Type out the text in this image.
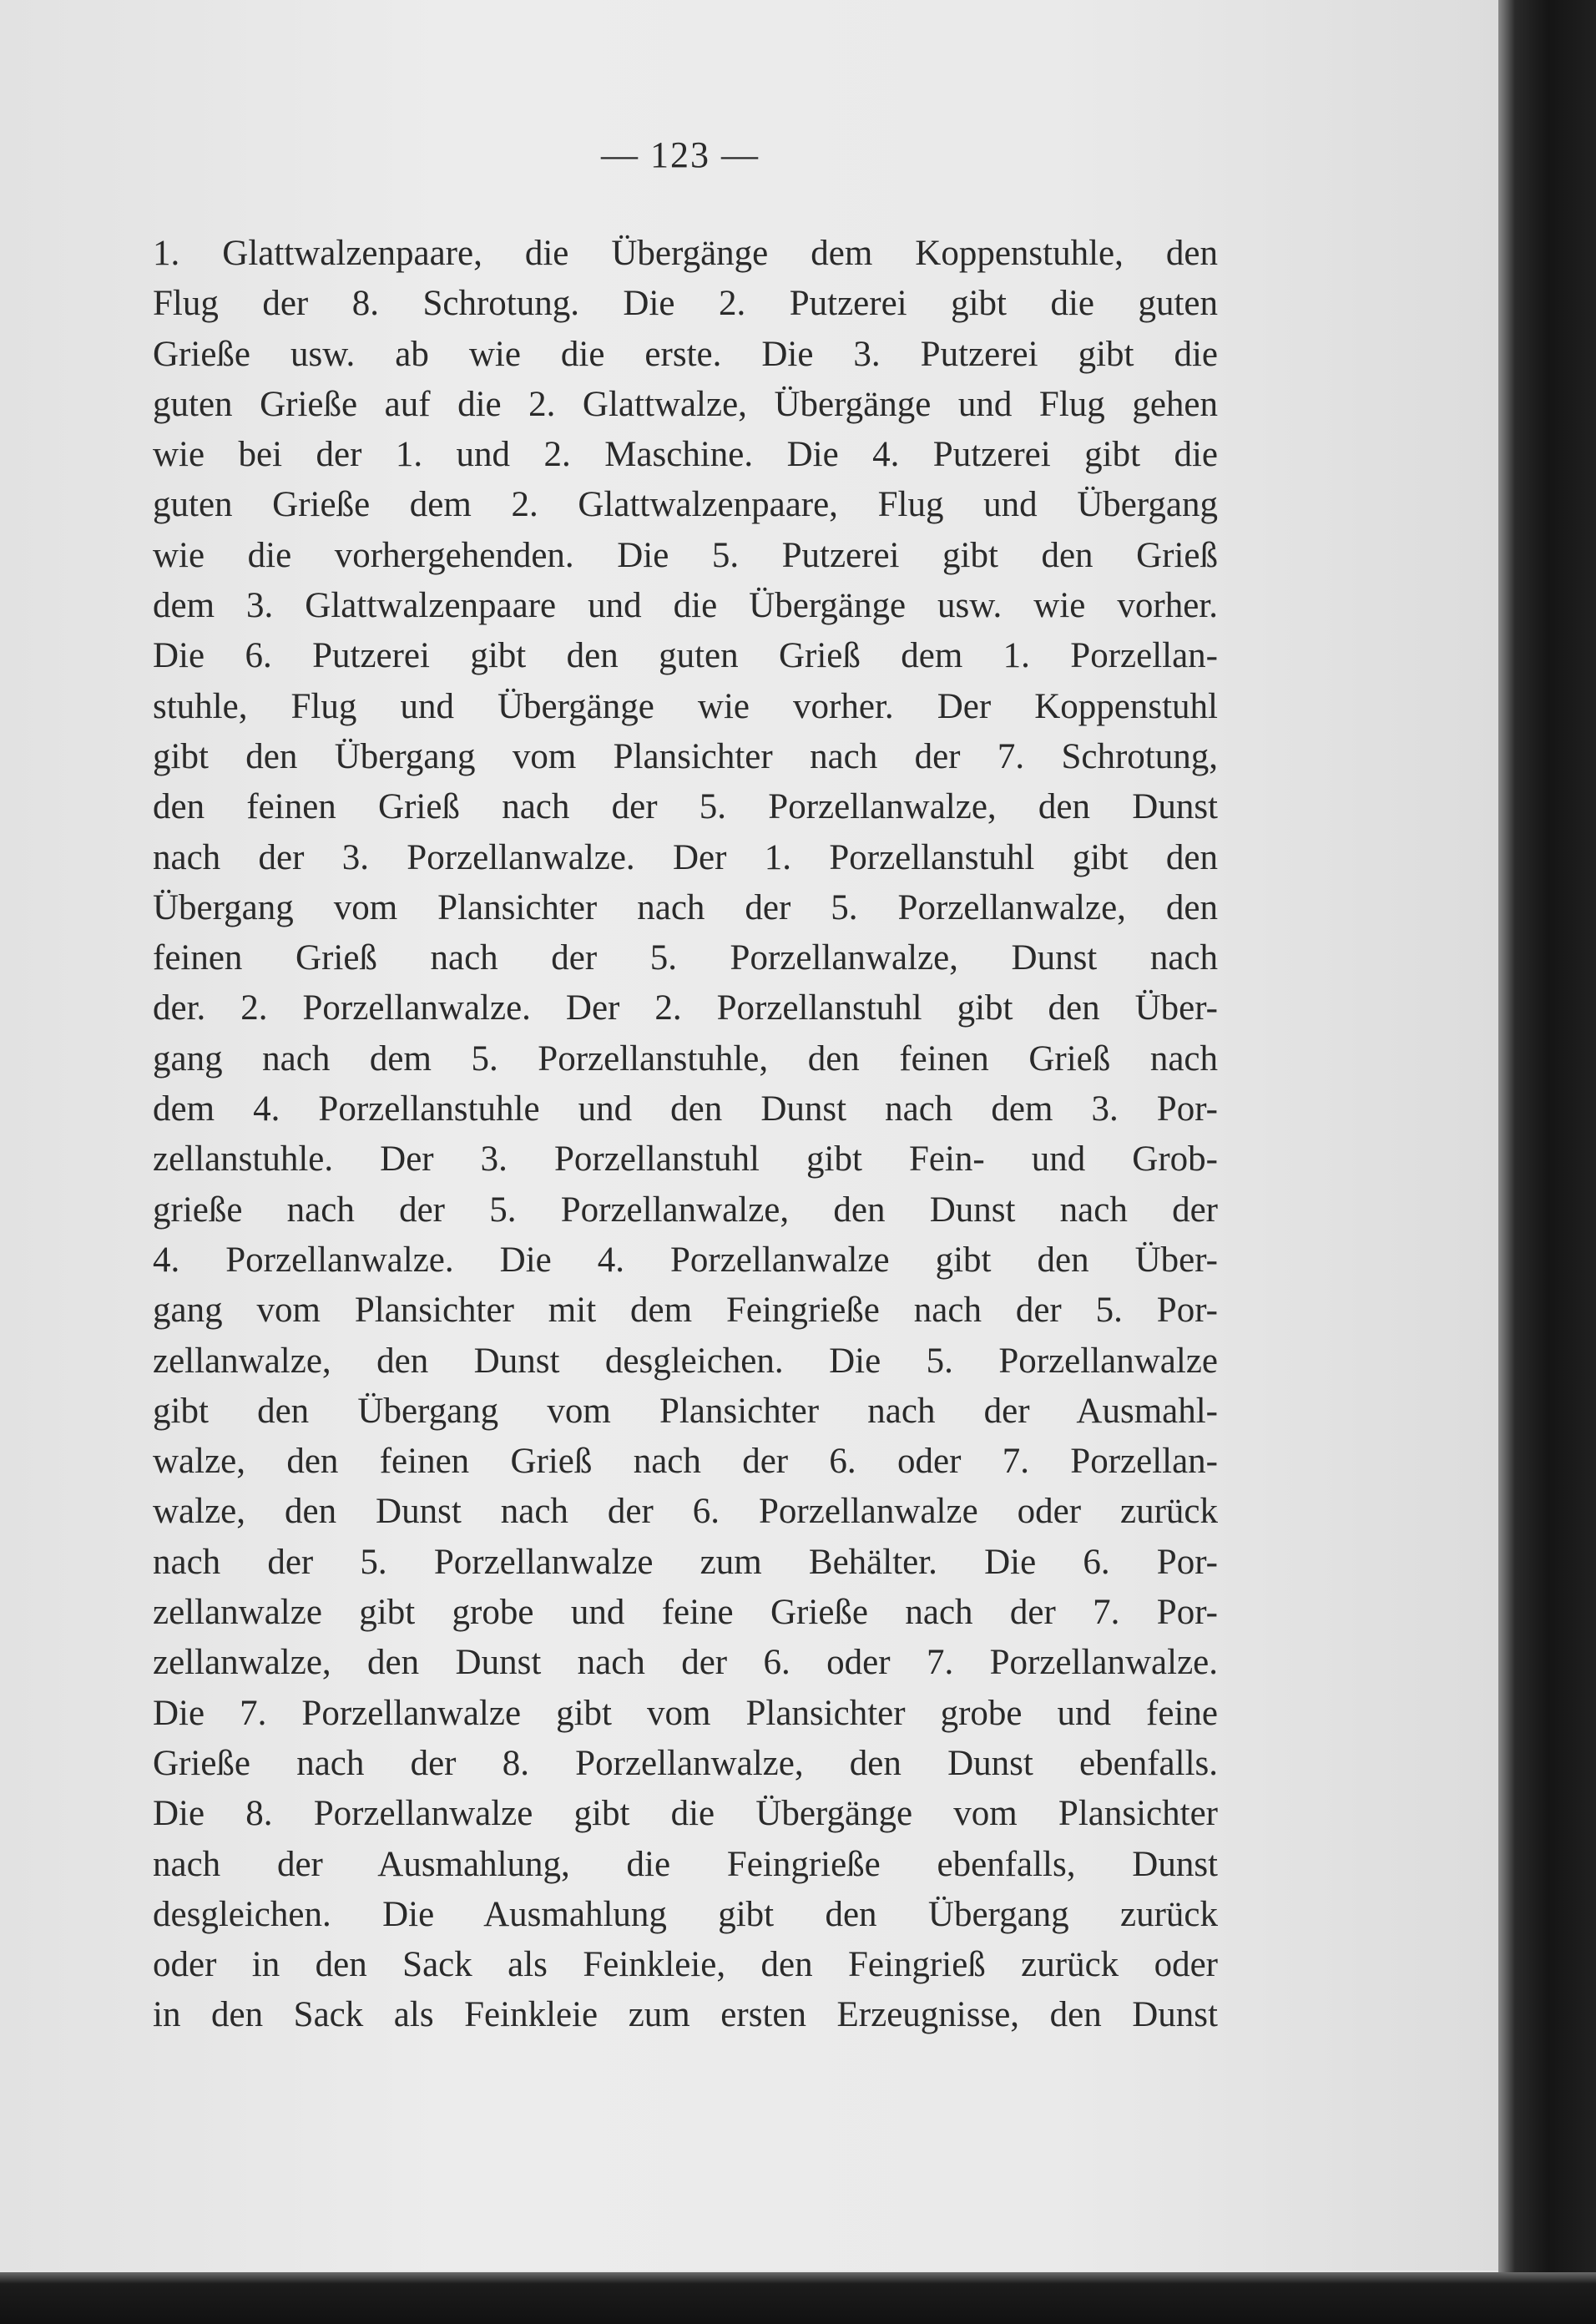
— 123 —
1. Glattwalzenpaare, die Übergänge dem Koppenstuhle, den
Flug der 8. Schrotung. Die 2. Putzerei gibt die guten
Grieße usw. ab wie die erste. Die 3. Putzerei gibt die
guten Grieße auf die 2. Glattwalze, Übergänge und Flug gehen
wie bei der 1. und 2. Maschine. Die 4. Putzerei gibt die
guten Grieße dem 2. Glattwalzenpaare, Flug und Übergang
wie die vorhergehenden. Die 5. Putzerei gibt den Grieß
dem 3. Glattwalzenpaare und die Übergänge usw. wie vorher.
Die 6. Putzerei gibt den guten Grieß dem 1. Porzellan-
stuhle, Flug und Übergänge wie vorher. Der Koppenstuhl
gibt den Übergang vom Plansichter nach der 7. Schrotung,
den feinen Grieß nach der 5. Porzellanwalze, den Dunst
nach der 3. Porzellanwalze. Der 1. Porzellanstuhl gibt den
Übergang vom Plansichter nach der 5. Porzellanwalze, den
feinen Grieß nach der 5. Porzellanwalze, Dunst nach
der. 2. Porzellanwalze. Der 2. Porzellanstuhl gibt den Über-
gang nach dem 5. Porzellanstuhle, den feinen Grieß nach
dem 4. Porzellanstuhle und den Dunst nach dem 3. Por-
zellanstuhle. Der 3. Porzellanstuhl gibt Fein- und Grob-
grieße nach der 5. Porzellanwalze, den Dunst nach der
4. Porzellanwalze. Die 4. Porzellanwalze gibt den Über-
gang vom Plansichter mit dem Feingrieße nach der 5. Por-
zellanwalze, den Dunst desgleichen. Die 5. Porzellanwalze
gibt den Übergang vom Plansichter nach der Ausmahl-
walze, den feinen Grieß nach der 6. oder 7. Porzellan-
walze, den Dunst nach der 6. Porzellanwalze oder zurück
nach der 5. Porzellanwalze zum Behälter. Die 6. Por-
zellanwalze gibt grobe und feine Grieße nach der 7. Por-
zellanwalze, den Dunst nach der 6. oder 7. Porzellanwalze.
Die 7. Porzellanwalze gibt vom Plansichter grobe und feine
Grieße nach der 8. Porzellanwalze, den Dunst ebenfalls.
Die 8. Porzellanwalze gibt die Übergänge vom Plansichter
nach der Ausmahlung, die Feingrieße ebenfalls, Dunst
desgleichen. Die Ausmahlung gibt den Übergang zurück
oder in den Sack als Feinkleie, den Feingrieß zurück oder
in den Sack als Feinkleie zum ersten Erzeugnisse, den Dunst
